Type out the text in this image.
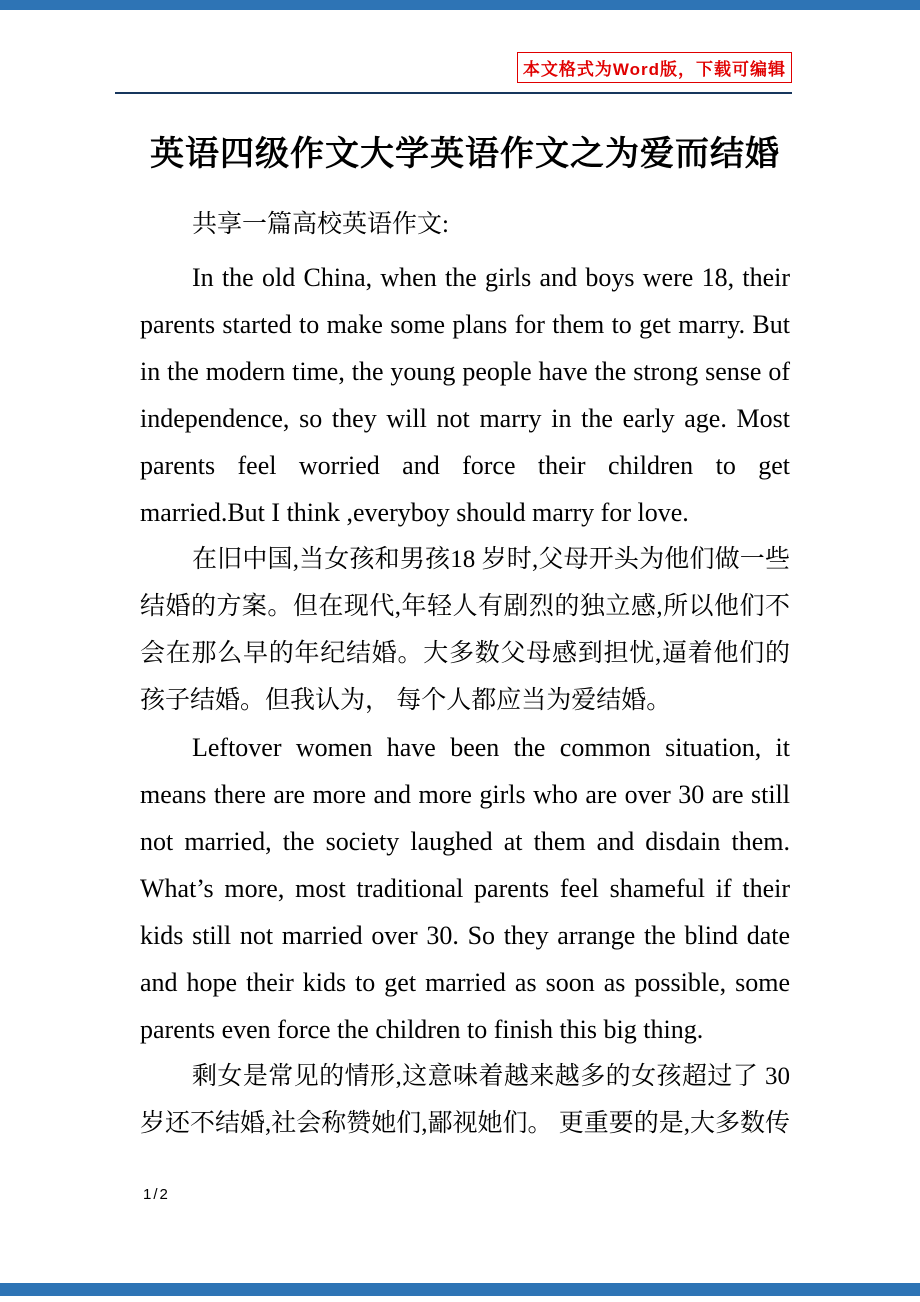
本文格式为Word版，下载可编辑
英语四级作文大学英语作文之为爱而结婚

共享一篇高校英语作文:

In the old China, when the girls and boys were 18, their parents started to make some plans for them to get marry. But in the modern time, the young people have the strong sense of independence, so they will not marry in the early age. Most parents feel worried and force their children to get married.But I think ,everyboy should marry for love.

在旧中国,当女孩和男孩18 岁时,父母开头为他们做一些结婚的方案。但在现代,年轻人有剧烈的独立感,所以他们不会在那么早的年纪结婚。大多数父母感到担忧,逼着他们的孩子结婚。但我认为， 每个人都应当为爱结婚。

Leftover women have been the common situation, it means there are more and more girls who are over 30 are still not married, the society laughed at them and disdain them. What’s more, most traditional parents feel shameful if their kids still not married over 30. So they arrange the blind date and hope their kids to get married as soon as possible, some parents even force the children to finish this big thing.

剩女是常见的情形,这意味着越来越多的女孩超过了 30 岁还不结婚,社会称赞她们,鄙视她们。 更重要的是,大多数传

1/2
